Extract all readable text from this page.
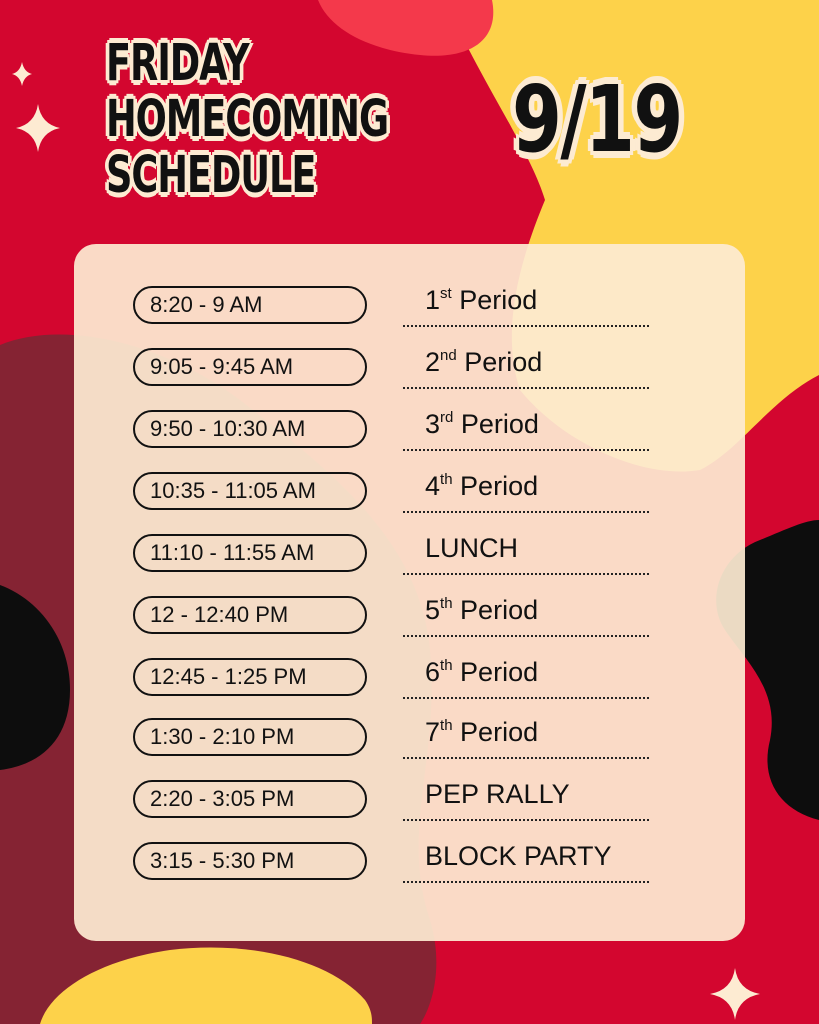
FRIDAY
HOMECOMING
SCHEDULE
9/19
8:20 - 9 AM	1st Period
9:05 - 9:45 AM	2nd Period
9:50 - 10:30 AM	3rd Period
10:35 - 11:05 AM	4th Period
11:10 - 11:55 AM	LUNCH
12 - 12:40 PM	5th Period
12:45 - 1:25 PM	6th Period
1:30 - 2:10 PM	7th Period
2:20 - 3:05 PM	PEP RALLY
3:15 - 5:30 PM	BLOCK PARTY
